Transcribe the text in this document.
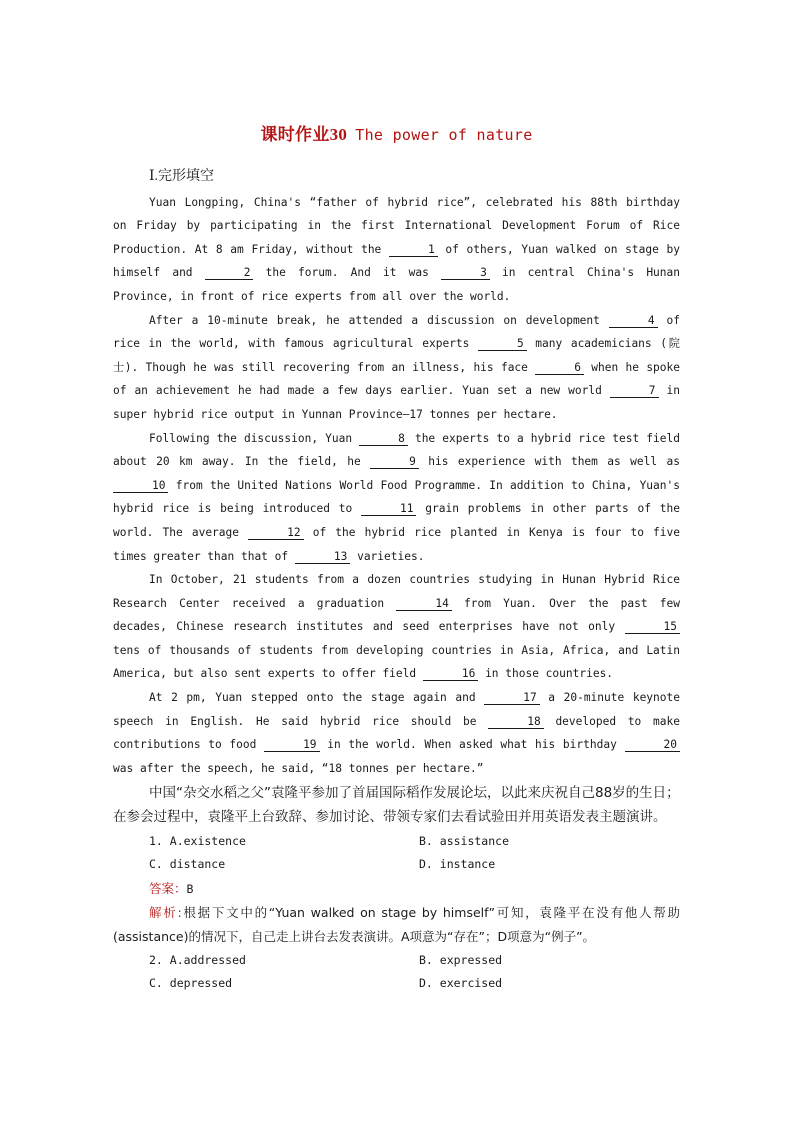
课时作业30 The power of nature
Ⅰ.完形填空

Yuan Longping, China's “father of hybrid rice”, celebrated his 88th birthday on Friday by participating in the first International Development Forum of Rice Production. At 8 am Friday, without the	1 of others, Yuan walked on stage by himself and	2 the forum. And it was	3 in central China's Hunan Province, in front of rice experts from all over the world.

After a 10-minute break, he attended a discussion on development	4 of rice in the world, with famous agricultural experts	5 many academicians (院士). Though he was still recovering from an illness, his face	6 when he spoke of an achievement he had made a few days earlier. Yuan set a new world	7 in super hybrid rice output in Yunnan Province—17 tonnes per hectare.

Following the discussion, Yuan	8 the experts to a hybrid rice test field about 20 km away. In the field, he	9 his experience with them as well as 10 from the United Nations World Food Programme. In addition to China, Yuan's hybrid rice is being introduced to	11 grain problems in other parts of the world. The average	12 of the hybrid rice planted in Kenya is four to five times greater than that of	13 varieties.

In October, 21 students from a dozen countries studying in Hunan Hybrid Rice Research Center received a graduation	14 from Yuan. Over the past few decades, Chinese research institutes and seed enterprises have not only	15 tens of thousands of students from developing countries in Asia, Africa, and Latin America, but also sent experts to offer field	16 in those countries.

At 2 pm, Yuan stepped onto the stage again and	17 a 20-minute keynote speech in English. He said hybrid rice should be	18 developed to make contributions to food	19 in the world. When asked what his birthday	20 was after the speech, he said, “18 tonnes per hectare.”

中国“杂交水稻之父”袁隆平参加了首届国际稻作发展论坛，以此来庆祝自己88岁的生日；在参会过程中，袁隆平上台致辞、参加讨论、带领专家们去看试验田并用英语发表主题演讲。

1. A.existence	B. assistance
C. distance	D. instance
答案：B

解析:根据下文中的“Yuan walked on stage by himself”可知，袁隆平在没有他人帮助(assistance)的情况下，自己走上讲台去发表演讲。A项意为“存在”；D项意为“例子”。

2. A.addressed	B. expressed
C. depressed	D. exercised
